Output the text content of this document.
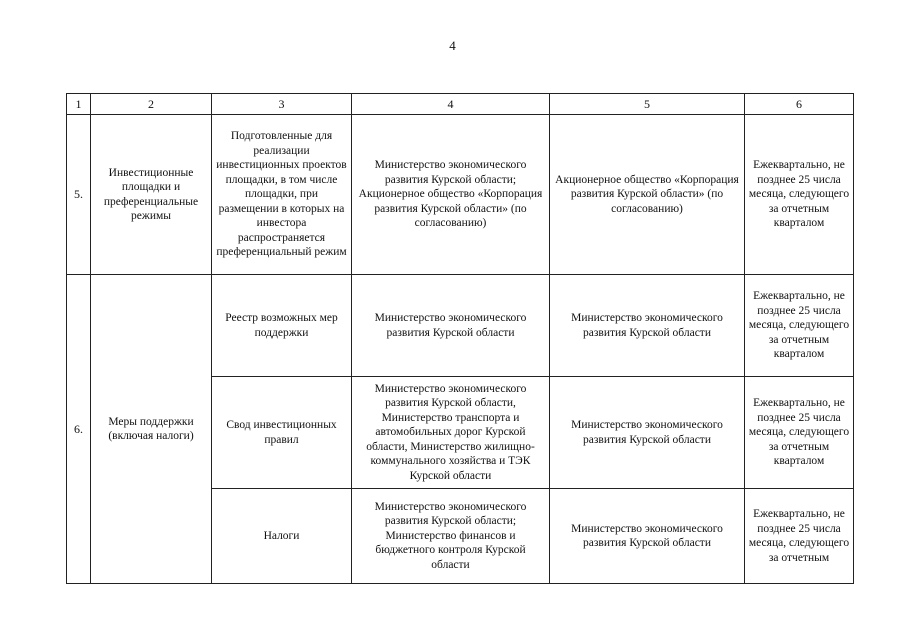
4
1	2	3	4	5	6
5.	Инвестиционные площадки и преференциальные режимы	Подготовленные для реализации инвестиционных проектов площадки, в том числе площадки, при размещении в которых на инвестора распространяется преференциальный режим	Министерство экономического развития Курской области; Акционерное общество «Корпорация развития Курской области» (по согласованию)	Акционерное общество «Корпорация развития Курской области» (по согласованию)	Ежеквартально, не позднее 25 числа месяца, следующего за отчетным кварталом
6.	Меры поддержки (включая налоги)	Реестр возможных мер поддержки	Министерство экономического развития Курской области	Министерство экономического развития Курской области	Ежеквартально, не позднее 25 числа месяца, следующего за отчетным кварталом
		Свод инвестиционных правил	Министерство экономического развития Курской области, Министерство транспорта и автомобильных дорог Курской области, Министерство жилищно-коммунального хозяйства и ТЭК Курской области	Министерство экономического развития Курской области	Ежеквартально, не позднее 25 числа месяца, следующего за отчетным кварталом
		Налоги	Министерство экономического развития Курской области; Министерство финансов и бюджетного контроля Курской области	Министерство экономического развития Курской области	Ежеквартально, не позднее 25 числа месяца, следующего за отчетным
